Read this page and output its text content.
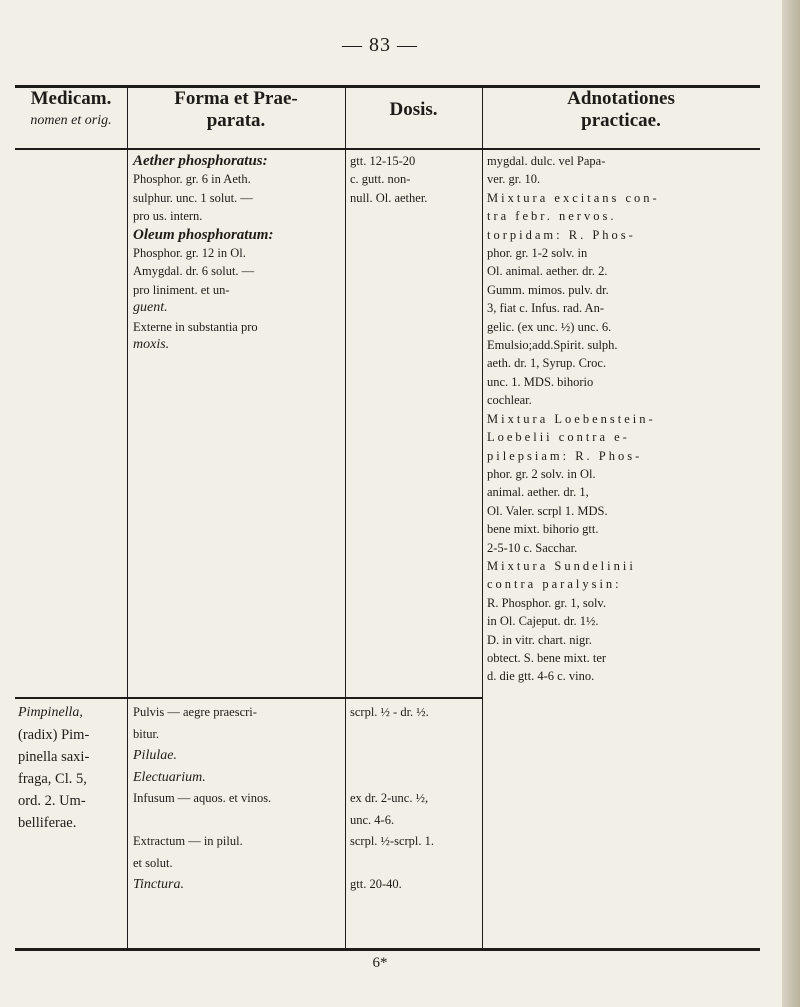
— 83 —
Medicam.
nomen et orig.
Forma et Prae-
parata.
Dosis.
Adnotationes
practicae.

Aether phosphoratus:

Phosphor. gr. 6 in Aeth.

sulphur. unc. 1 solut. —

pro us. intern.

Oleum phosphoratum:

Phosphor. gr. 12 in Ol.

Amygdal. dr. 6 solut. —

pro liniment. et un-

guent.

Externe in substantia pro

moxis.

gtt. 12-15-20

c. gutt. non-

null. Ol. aether.

mygdal. dulc. vel Papa-

ver. gr. 10.

Mixtura excitans con-

tra febr. nervos.

torpidam: R. Phos-

phor. gr. 1-2 solv. in

Ol. animal. aether. dr. 2.

Gumm. mimos. pulv. dr.

3, fiat c. Infus. rad. An-

gelic. (ex unc. ½) unc. 6.

Emulsio;add.Spirit. sulph.

aeth. dr. 1, Syrup. Croc.

unc. 1. MDS. bihorio

cochlear.

Mixtura Loebenstein-

Loebelii contra e-

pilepsiam: R. Phos-

phor. gr. 2 solv. in Ol.

animal. aether. dr. 1,

Ol. Valer. scrpl 1. MDS.

bene mixt. bihorio gtt.

2-5-10 c. Sacchar.

Mixtura Sundelinii

contra paralysin:

R. Phosphor. gr. 1, solv.

in Ol. Cajeput. dr. 1½.

D. in vitr. chart. nigr.

obtect. S. bene mixt. ter

d. die gtt. 4-6 c. vino.

Pimpinella,

(radix) Pim-

pinella saxi-

fraga, Cl. 5,

ord. 2. Um-

belliferae.

Pulvis — aegre praescri-

bitur.

Pilulae.

Electuarium.

Infusum — aquos. et vinos.

Extractum — in pilul.

et solut.

Tinctura.

scrpl. ½ - dr. ½.

ex dr. 2-unc. ½,

unc. 4-6.

scrpl. ½-scrpl. 1.

gtt. 20-40.

6*
